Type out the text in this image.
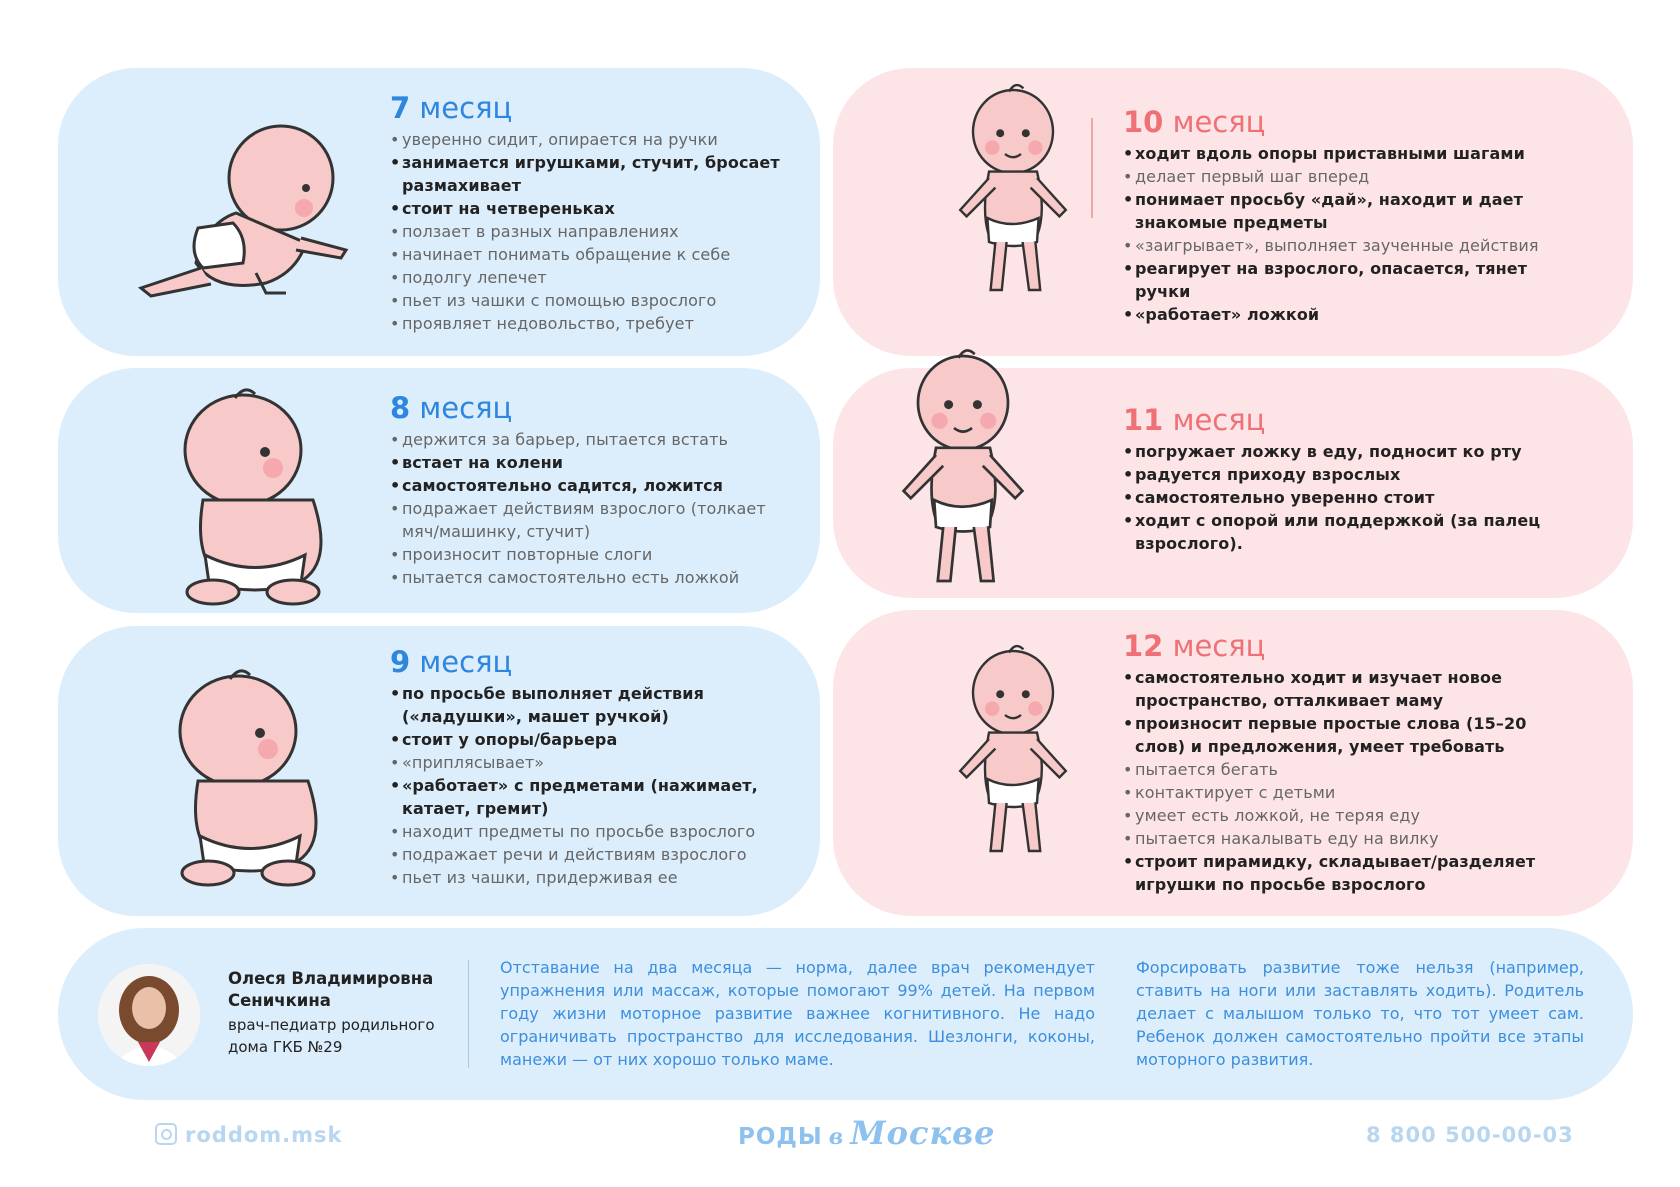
7 месяц
• уверенно сидит, опирается на ручки
• занимается игрушками, стучит, бросает размахивает
• стоит на четвереньках
• ползает в разных направлениях
• начинает понимать обращение к себе
• подолгу лепечет
• пьет из чашки с помощью взрослого
• проявляет недовольство, требует
8 месяц
• держится за барьер, пытается встать
• встает на колени
• самостоятельно садится, ложится
• подражает действиям взрослого (толкает мяч/машинку, стучит)
• произносит повторные слоги
• пытается самостоятельно есть ложкой
9 месяц
• по просьбе выполняет действия («ладушки», машет ручкой)
• стоит у опоры/барьера
• «приплясывает»
• «работает» с предметами (нажимает, катает, гремит)
• находит предметы по просьбе взрослого
• подражает речи и действиям взрослого
• пьет из чашки, придерживая ее
10 месяц
• ходит вдоль опоры приставными шагами
• делает первый шаг вперед
• понимает просьбу «дай», находит и дает знакомые предметы
• «заигрывает», выполняет заученные действия
• реагирует на взрослого, опасается, тянет ручки
• «работает» ложкой
11 месяц
• погружает ложку в еду, подносит ко рту
• радуется приходу взрослых
• самостоятельно уверенно стоит
• ходит с опорой или поддержкой (за палец взрослого).
12 месяц
• самостоятельно ходит и изучает новое пространство, отталкивает маму
• произносит первые простые слова (15–20 слов) и предложения, умеет требовать
• пытается бегать
• контактирует с детьми
• умеет есть ложкой, не теряя еду
• пытается накалывать еду на вилку
• строит пирамидку, складывает/разделяет игрушки по просьбе взрослого
Олеся Владимировна Сеничкина
врач-педиатр родильного дома ГКБ №29
Отставание на два месяца — норма, далее врач рекомендует упражнения или массаж, которые помогают 99% детей. На первом году жизни моторное развитие важнее когнитивного. Не надо ограничивать пространство для исследования. Шезлонги, коконы, манежи — от них хорошо только маме.
Форсировать развитие тоже нельзя (например, ставить на ноги или заставлять ходить). Родитель делает с малышом только то, что тот умеет сам. Ребенок должен самостоятельно пройти все этапы моторного развития.
roddom.msk	РОДЫ в Москве	8 800 500-00-03
